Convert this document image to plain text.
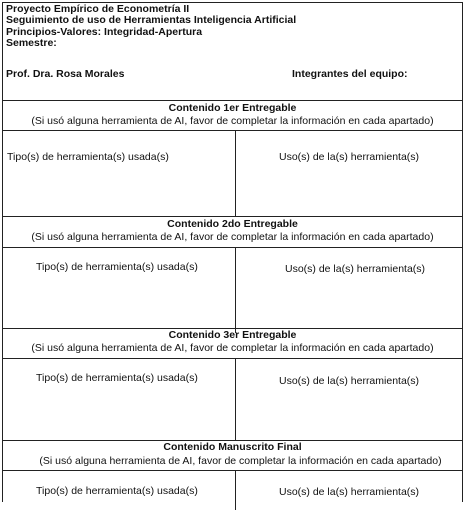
Proyecto Empírico de Econometría II
Seguimiento de uso de Herramientas Inteligencia Artificial
Principios-Valores: Integridad-Apertura
Semestre:
Prof. Dra. Rosa Morales	Integrantes del equipo:
Contenido 1er Entregable
(Si usó alguna herramienta de AI, favor de completar la información en cada apartado)
Tipo(s) de herramienta(s) usada(s)	Uso(s) de la(s) herramienta(s)
Contenido 2do Entregable
(Si usó alguna herramienta de AI, favor de completar la información en cada apartado)
Tipo(s) de herramienta(s) usada(s)	Uso(s) de la(s) herramienta(s)
Contenido 3er Entregable
(Si usó alguna herramienta de AI, favor de completar la información en cada apartado)
Tipo(s) de herramienta(s) usada(s)	Uso(s) de la(s) herramienta(s)
Contenido Manuscrito Final
(Si usó alguna herramienta de AI, favor de completar la información en cada apartado)
Tipo(s) de herramienta(s) usada(s)	Uso(s) de la(s) herramienta(s)
